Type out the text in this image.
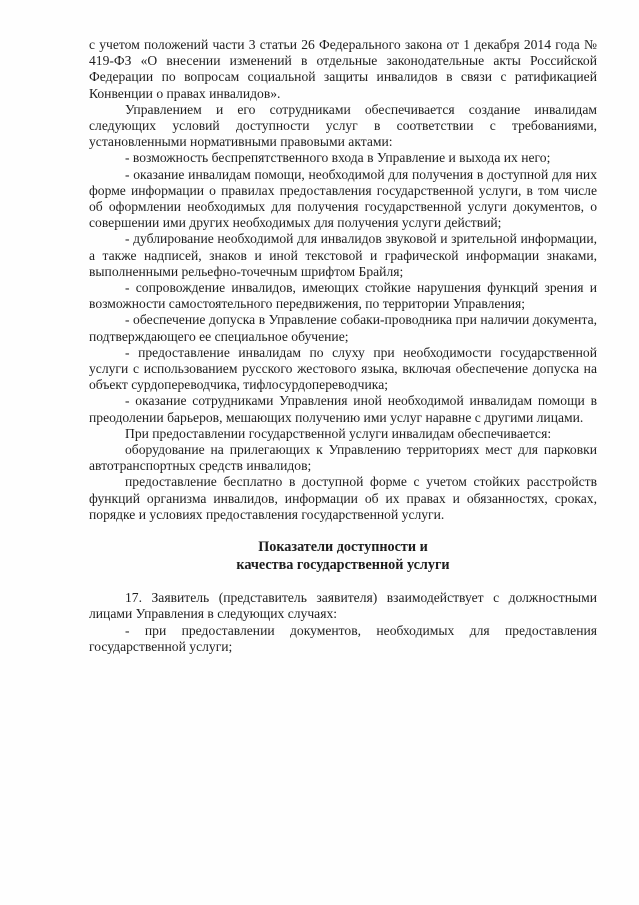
с учетом положений части 3 статьи 26 Федерального закона от 1 декабря 2014 года № 419-ФЗ «О внесении изменений в отдельные законодательные акты Российской Федерации по вопросам социальной защиты инвалидов в связи с ратификацией Конвенции о правах инвалидов».

Управлением и его сотрудниками обеспечивается создание инвалидам следующих условий доступности услуг в соответствии с требованиями, установленными нормативными правовыми актами:

- возможность беспрепятственного входа в Управление и выхода их него;

- оказание инвалидам помощи, необходимой для получения в доступной для них форме информации о правилах предоставления государственной услуги, в том числе об оформлении необходимых для получения государственной услуги документов, о совершении ими других необходимых для получения услуги действий;

- дублирование необходимой для инвалидов звуковой и зрительной информации, а также надписей, знаков и иной текстовой и графической информации знаками, выполненными рельефно-точечным шрифтом Брайля;

- сопровождение инвалидов, имеющих стойкие нарушения функций зрения и возможности самостоятельного передвижения, по территории Управления;

- обеспечение допуска в Управление собаки-проводника при наличии документа, подтверждающего ее специальное обучение;

- предоставление инвалидам по слуху при необходимости государственной услуги с использованием русского жестового языка, включая обеспечение допуска на объект сурдопереводчика, тифлосурдопереводчика;

- оказание сотрудниками Управления иной необходимой инвалидам помощи в преодолении барьеров, мешающих получению ими услуг наравне с другими лицами.

При предоставлении государственной услуги инвалидам обеспечивается:

оборудование на прилегающих к Управлению территориях мест для парковки автотранспортных средств инвалидов;

предоставление бесплатно в доступной форме с учетом стойких расстройств функций организма инвалидов, информации об их правах и обязанностях, сроках, порядке и условиях предоставления государственной услуги.

Показатели доступности и
качества государственной услуги

17. Заявитель (представитель заявителя) взаимодействует с должностными лицами Управления в следующих случаях:

- при предоставлении документов, необходимых для предоставления государственной услуги;
